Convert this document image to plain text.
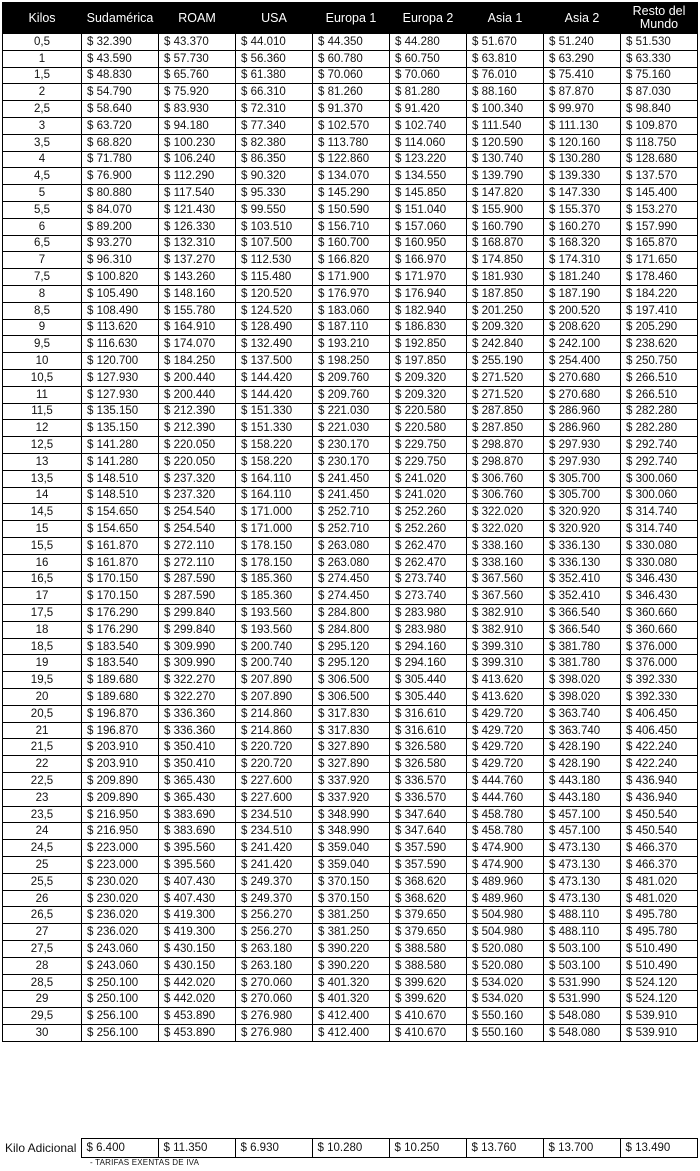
Kilos	Sudamérica	ROAM	USA	Europa 1	Europa 2	Asia 1	Asia 2	Resto del Mundo
0,5	$ 32.390	$ 43.370	$ 44.010	$ 44.350	$ 44.280	$ 51.670	$ 51.240	$ 51.530
1	$ 43.590	$ 57.730	$ 56.360	$ 60.780	$ 60.750	$ 63.810	$ 63.290	$ 63.330
1,5	$ 48.830	$ 65.760	$ 61.380	$ 70.060	$ 70.060	$ 76.010	$ 75.410	$ 75.160
2	$ 54.790	$ 75.920	$ 66.310	$ 81.260	$ 81.280	$ 88.160	$ 87.870	$ 87.030
2,5	$ 58.640	$ 83.930	$ 72.310	$ 91.370	$ 91.420	$ 100.340	$ 99.970	$ 98.840
3	$ 63.720	$ 94.180	$ 77.340	$ 102.570	$ 102.740	$ 111.540	$ 111.130	$ 109.870
3,5	$ 68.820	$ 100.230	$ 82.380	$ 113.780	$ 114.060	$ 120.590	$ 120.160	$ 118.750
4	$ 71.780	$ 106.240	$ 86.350	$ 122.860	$ 123.220	$ 130.740	$ 130.280	$ 128.680
4,5	$ 76.900	$ 112.290	$ 90.320	$ 134.070	$ 134.550	$ 139.790	$ 139.330	$ 137.570
5	$ 80.880	$ 117.540	$ 95.330	$ 145.290	$ 145.850	$ 147.820	$ 147.330	$ 145.400
5,5	$ 84.070	$ 121.430	$ 99.550	$ 150.590	$ 151.040	$ 155.900	$ 155.370	$ 153.270
6	$ 89.200	$ 126.330	$ 103.510	$ 156.710	$ 157.060	$ 160.790	$ 160.270	$ 157.990
6,5	$ 93.270	$ 132.310	$ 107.500	$ 160.700	$ 160.950	$ 168.870	$ 168.320	$ 165.870
7	$ 96.310	$ 137.270	$ 112.530	$ 166.820	$ 166.970	$ 174.850	$ 174.310	$ 171.650
7,5	$ 100.820	$ 143.260	$ 115.480	$ 171.900	$ 171.970	$ 181.930	$ 181.240	$ 178.460
8	$ 105.490	$ 148.160	$ 120.520	$ 176.970	$ 176.940	$ 187.850	$ 187.190	$ 184.220
8,5	$ 108.490	$ 155.780	$ 124.520	$ 183.060	$ 182.940	$ 201.250	$ 200.520	$ 197.410
9	$ 113.620	$ 164.910	$ 128.490	$ 187.110	$ 186.830	$ 209.320	$ 208.620	$ 205.290
9,5	$ 116.630	$ 174.070	$ 132.490	$ 193.210	$ 192.850	$ 242.840	$ 242.100	$ 238.620
10	$ 120.700	$ 184.250	$ 137.500	$ 198.250	$ 197.850	$ 255.190	$ 254.400	$ 250.750
10,5	$ 127.930	$ 200.440	$ 144.420	$ 209.760	$ 209.320	$ 271.520	$ 270.680	$ 266.510
11	$ 127.930	$ 200.440	$ 144.420	$ 209.760	$ 209.320	$ 271.520	$ 270.680	$ 266.510
11,5	$ 135.150	$ 212.390	$ 151.330	$ 221.030	$ 220.580	$ 287.850	$ 286.960	$ 282.280
12	$ 135.150	$ 212.390	$ 151.330	$ 221.030	$ 220.580	$ 287.850	$ 286.960	$ 282.280
12,5	$ 141.280	$ 220.050	$ 158.220	$ 230.170	$ 229.750	$ 298.870	$ 297.930	$ 292.740
13	$ 141.280	$ 220.050	$ 158.220	$ 230.170	$ 229.750	$ 298.870	$ 297.930	$ 292.740
13,5	$ 148.510	$ 237.320	$ 164.110	$ 241.450	$ 241.020	$ 306.760	$ 305.700	$ 300.060
14	$ 148.510	$ 237.320	$ 164.110	$ 241.450	$ 241.020	$ 306.760	$ 305.700	$ 300.060
14,5	$ 154.650	$ 254.540	$ 171.000	$ 252.710	$ 252.260	$ 322.020	$ 320.920	$ 314.740
15	$ 154.650	$ 254.540	$ 171.000	$ 252.710	$ 252.260	$ 322.020	$ 320.920	$ 314.740
15,5	$ 161.870	$ 272.110	$ 178.150	$ 263.080	$ 262.470	$ 338.160	$ 336.130	$ 330.080
16	$ 161.870	$ 272.110	$ 178.150	$ 263.080	$ 262.470	$ 338.160	$ 336.130	$ 330.080
16,5	$ 170.150	$ 287.590	$ 185.360	$ 274.450	$ 273.740	$ 367.560	$ 352.410	$ 346.430
17	$ 170.150	$ 287.590	$ 185.360	$ 274.450	$ 273.740	$ 367.560	$ 352.410	$ 346.430
17,5	$ 176.290	$ 299.840	$ 193.560	$ 284.800	$ 283.980	$ 382.910	$ 366.540	$ 360.660
18	$ 176.290	$ 299.840	$ 193.560	$ 284.800	$ 283.980	$ 382.910	$ 366.540	$ 360.660
18,5	$ 183.540	$ 309.990	$ 200.740	$ 295.120	$ 294.160	$ 399.310	$ 381.780	$ 376.000
19	$ 183.540	$ 309.990	$ 200.740	$ 295.120	$ 294.160	$ 399.310	$ 381.780	$ 376.000
19,5	$ 189.680	$ 322.270	$ 207.890	$ 306.500	$ 305.440	$ 413.620	$ 398.020	$ 392.330
20	$ 189.680	$ 322.270	$ 207.890	$ 306.500	$ 305.440	$ 413.620	$ 398.020	$ 392.330
20,5	$ 196.870	$ 336.360	$ 214.860	$ 317.830	$ 316.610	$ 429.720	$ 363.740	$ 406.450
21	$ 196.870	$ 336.360	$ 214.860	$ 317.830	$ 316.610	$ 429.720	$ 363.740	$ 406.450
21,5	$ 203.910	$ 350.410	$ 220.720	$ 327.890	$ 326.580	$ 429.720	$ 428.190	$ 422.240
22	$ 203.910	$ 350.410	$ 220.720	$ 327.890	$ 326.580	$ 429.720	$ 428.190	$ 422.240
22,5	$ 209.890	$ 365.430	$ 227.600	$ 337.920	$ 336.570	$ 444.760	$ 443.180	$ 436.940
23	$ 209.890	$ 365.430	$ 227.600	$ 337.920	$ 336.570	$ 444.760	$ 443.180	$ 436.940
23,5	$ 216.950	$ 383.690	$ 234.510	$ 348.990	$ 347.640	$ 458.780	$ 457.100	$ 450.540
24	$ 216.950	$ 383.690	$ 234.510	$ 348.990	$ 347.640	$ 458.780	$ 457.100	$ 450.540
24,5	$ 223.000	$ 395.560	$ 241.420	$ 359.040	$ 357.590	$ 474.900	$ 473.130	$ 466.370
25	$ 223.000	$ 395.560	$ 241.420	$ 359.040	$ 357.590	$ 474.900	$ 473.130	$ 466.370
25,5	$ 230.020	$ 407.430	$ 249.370	$ 370.150	$ 368.620	$ 489.960	$ 473.130	$ 481.020
26	$ 230.020	$ 407.430	$ 249.370	$ 370.150	$ 368.620	$ 489.960	$ 473.130	$ 481.020
26,5	$ 236.020	$ 419.300	$ 256.270	$ 381.250	$ 379.650	$ 504.980	$ 488.110	$ 495.780
27	$ 236.020	$ 419.300	$ 256.270	$ 381.250	$ 379.650	$ 504.980	$ 488.110	$ 495.780
27,5	$ 243.060	$ 430.150	$ 263.180	$ 390.220	$ 388.580	$ 520.080	$ 503.100	$ 510.490
28	$ 243.060	$ 430.150	$ 263.180	$ 390.220	$ 388.580	$ 520.080	$ 503.100	$ 510.490
28,5	$ 250.100	$ 442.020	$ 270.060	$ 401.320	$ 399.620	$ 534.020	$ 531.990	$ 524.120
29	$ 250.100	$ 442.020	$ 270.060	$ 401.320	$ 399.620	$ 534.020	$ 531.990	$ 524.120
29,5	$ 256.100	$ 453.890	$ 276.980	$ 412.400	$ 410.670	$ 550.160	$ 548.080	$ 539.910
30	$ 256.100	$ 453.890	$ 276.980	$ 412.400	$ 410.670	$ 550.160	$ 548.080	$ 539.910
Kilo Adicional	$ 6.400	$ 11.350	$ 6.930	$ 10.280	$ 10.250	$ 13.760	$ 13.700	$ 13.490
- TARIFAS EXENTAS DE IVA
